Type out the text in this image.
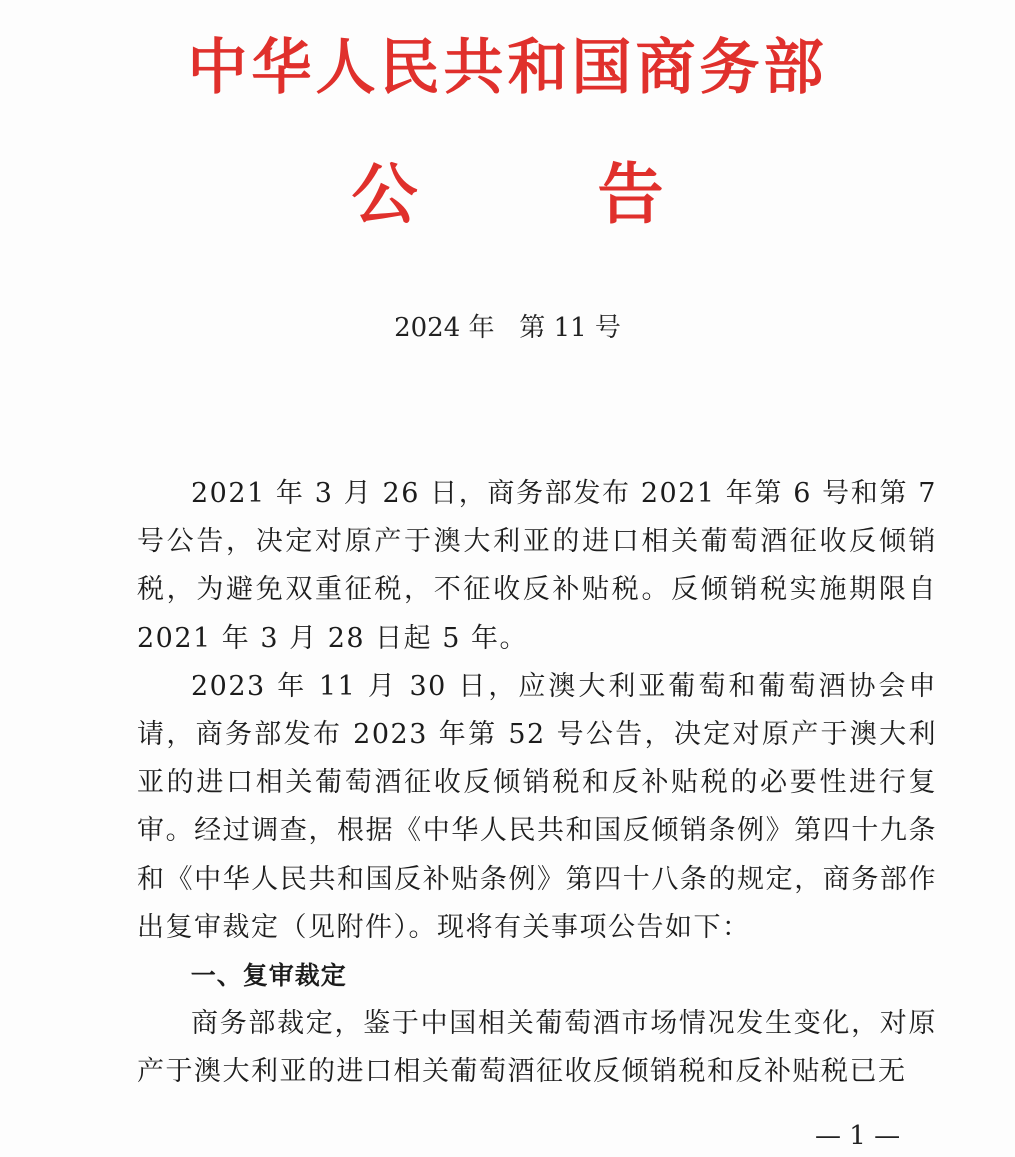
中华人民共和国商务部
公	告
2024 年   第 11 号

2021 年 3 月 26 日，商务部发布 2021 年第 6 号和第 7 号公告，决定对原产于澳大利亚的进口相关葡萄酒征收反倾销税，为避免双重征税，不征收反补贴税。反倾销税实施期限自 2021 年 3 月 28 日起 5 年。

2023 年 11 月 30 日，应澳大利亚葡萄和葡萄酒协会申请，商务部发布 2023 年第 52 号公告，决定对原产于澳大利亚的进口相关葡萄酒征收反倾销税和反补贴税的必要性进行复审。经过调查，根据《中华人民共和国反倾销条例》第四十九条和《中华人民共和国反补贴条例》第四十八条的规定，商务部作出复审裁定（见附件）。现将有关事项公告如下：

一、复审裁定

商务部裁定，鉴于中国相关葡萄酒市场情况发生变化，对原产于澳大利亚的进口相关葡萄酒征收反倾销税和反补贴税已无

— 1 —
